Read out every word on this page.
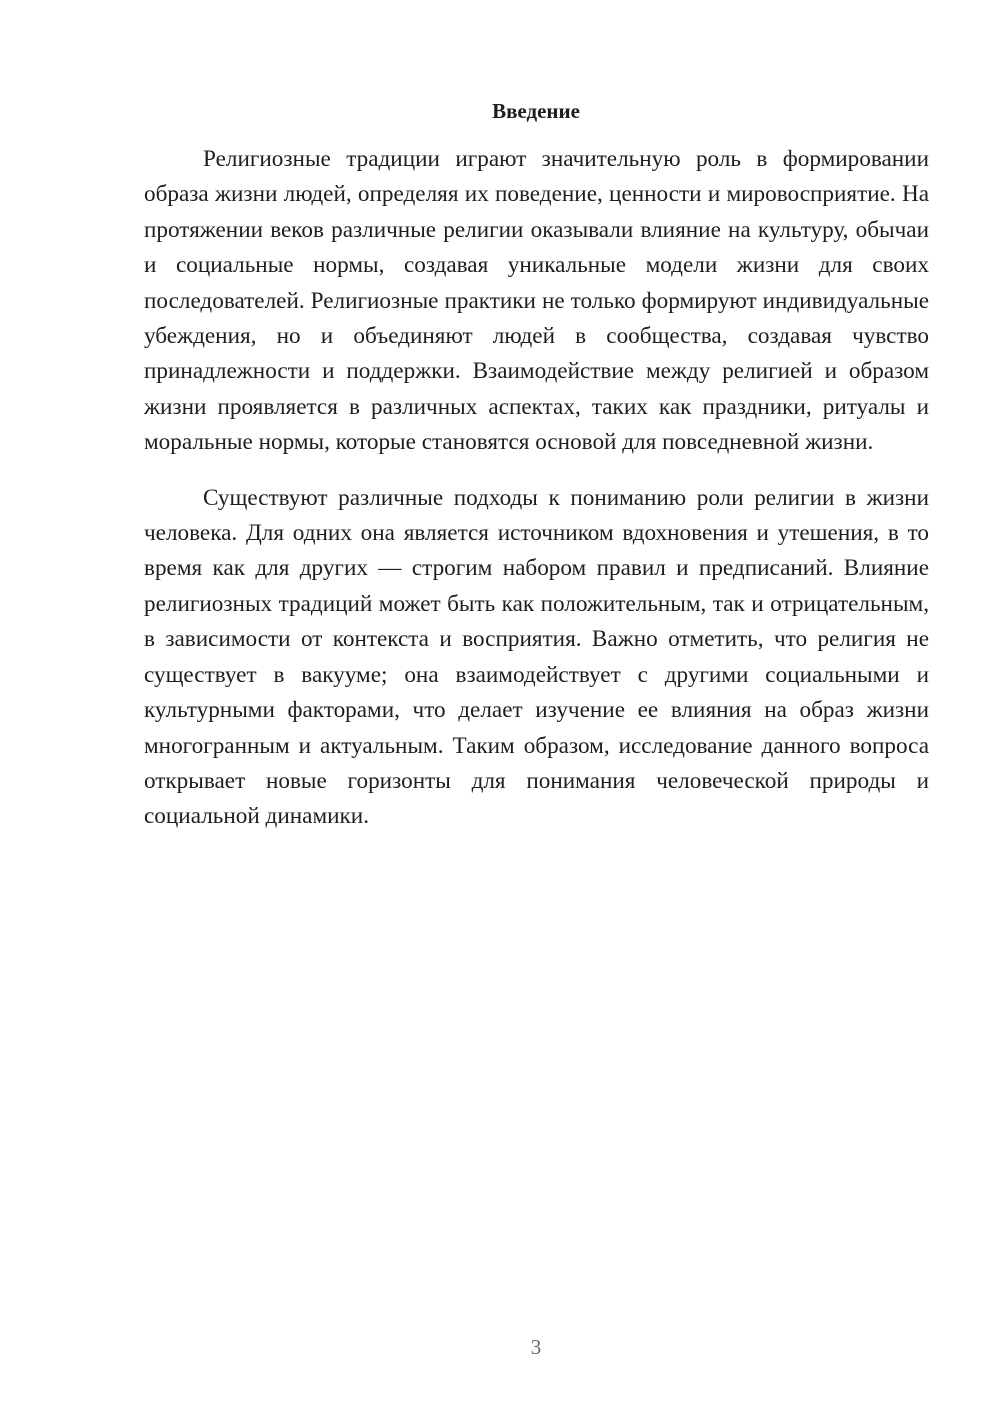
Введение

Религиозные традиции играют значительную роль в формировании образа жизни людей, определяя их поведение, ценности и мировосприятие. На протяжении веков различные религии оказывали влияние на культуру, обычаи и социальные нормы, создавая уникальные модели жизни для своих последователей. Религиозные практики не только формируют индивидуальные убеждения, но и объединяют людей в сообщества, создавая чувство принадлежности и поддержки. Взаимодействие между религией и образом жизни проявляется в различных аспектах, таких как праздники, ритуалы и моральные нормы, которые становятся основой для повседневной жизни.

Существуют различные подходы к пониманию роли религии в жизни человека. Для одних она является источником вдохновения и утешения, в то время как для других — строгим набором правил и предписаний. Влияние религиозных традиций может быть как положительным, так и отрицательным, в зависимости от контекста и восприятия. Важно отметить, что религия не существует в вакууме; она взаимодействует с другими социальными и культурными факторами, что делает изучение ее влияния на образ жизни многогранным и актуальным. Таким образом, исследование данного вопроса открывает новые горизонты для понимания человеческой природы и социальной динамики.

3
